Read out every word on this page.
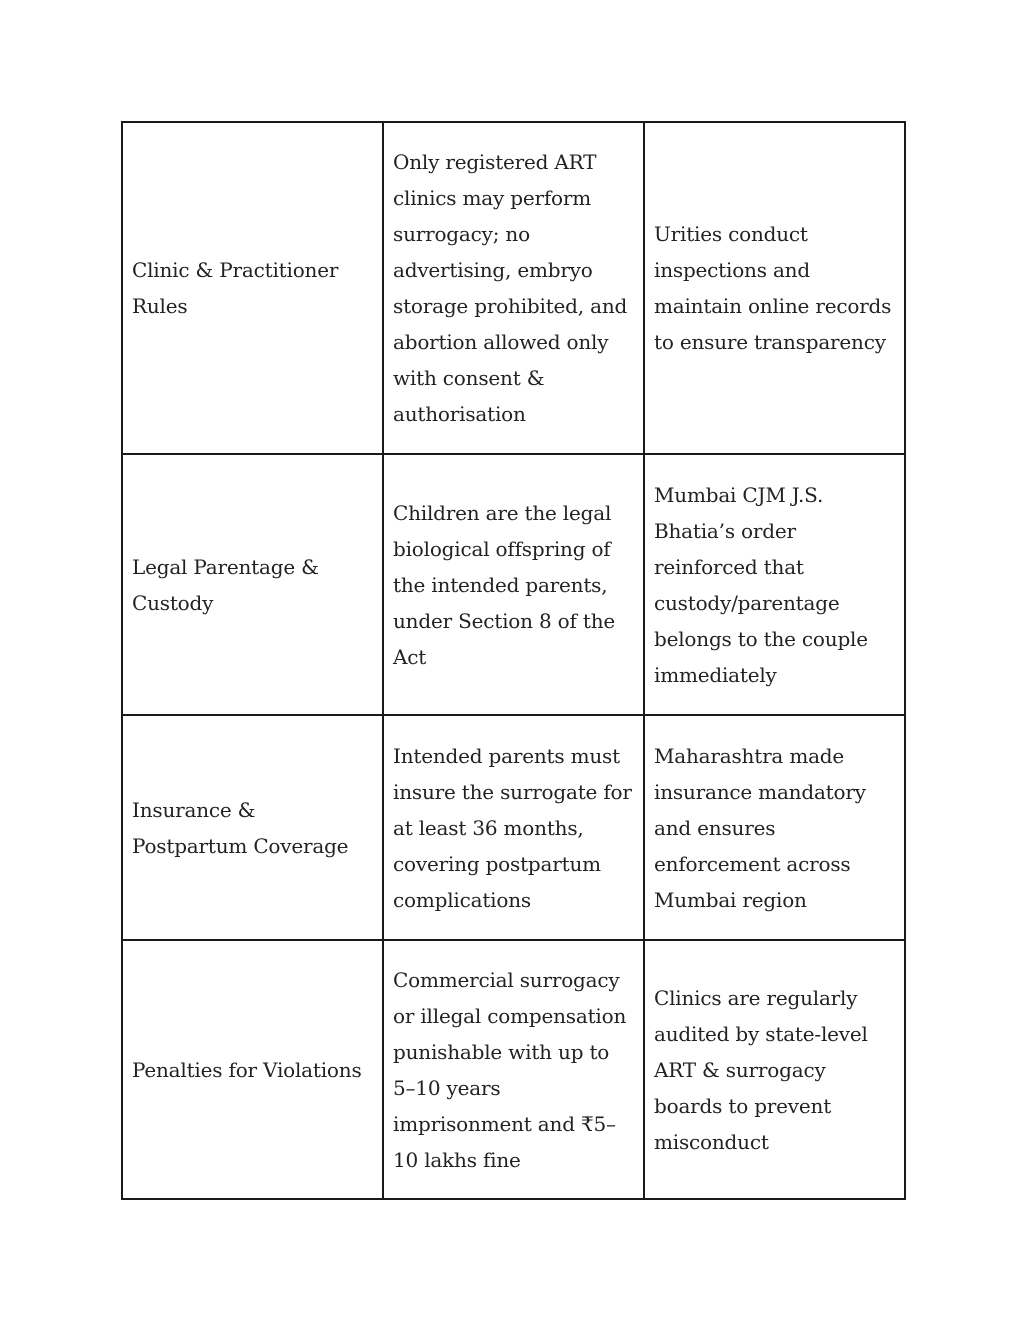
Clinic & Practitioner Rules	Only registered ART clinics may perform surrogacy; no advertising, embryo storage prohibited, and abortion allowed only with consent & authorisation	Urities conduct inspections and maintain online records to ensure transparency

Legal Parentage & Custody	Children are the legal biological offspring of the intended parents, under Section 8 of the Act	Mumbai CJM J.S. Bhatia’s order reinforced that custody/parentage belongs to the couple immediately

Insurance & Postpartum Coverage	Intended parents must insure the surrogate for at least 36 months, covering postpartum complications	Maharashtra made insurance mandatory and ensures enforcement across Mumbai region

Penalties for Violations	Commercial surrogacy or illegal compensation punishable with up to 5–10 years imprisonment and ₹5–10 lakhs fine	Clinics are regularly audited by state-level ART & surrogacy boards to prevent misconduct
